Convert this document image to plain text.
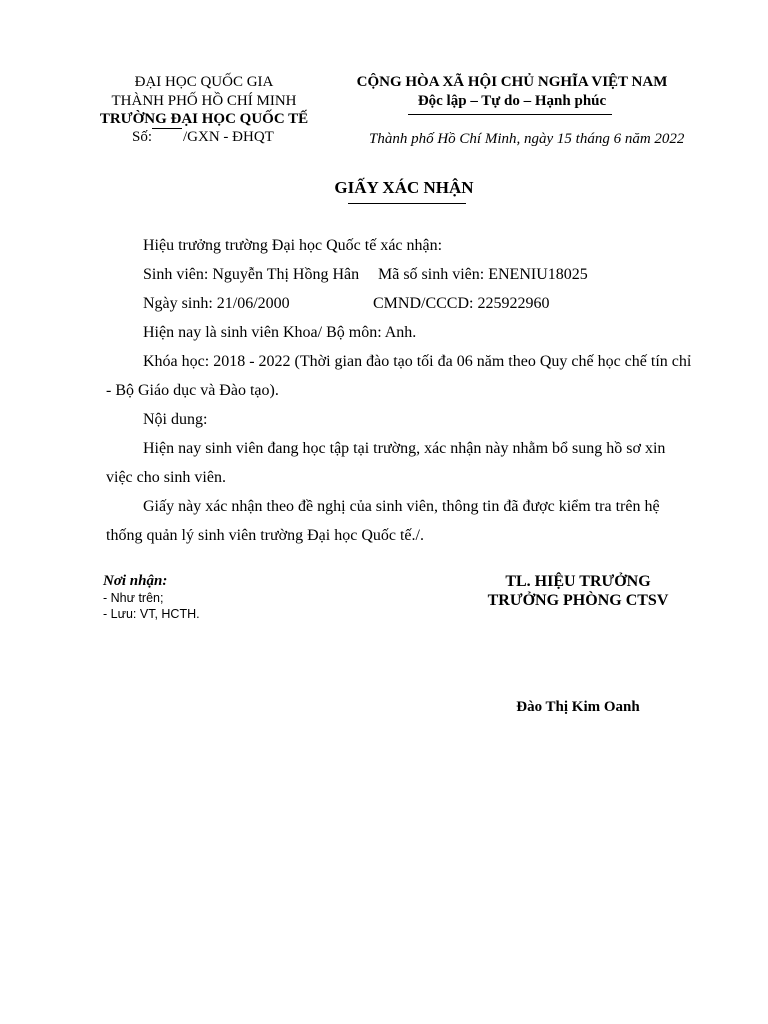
ĐẠI HỌC QUỐC GIA
THÀNH PHỐ HỒ CHÍ MINH
TRƯỜNG ĐẠI HỌC QUỐC TẾ
Số: /GXN - ĐHQT
CỘNG HÒA XÃ HỘI CHỦ NGHĨA VIỆT NAM
Độc lập – Tự do – Hạnh phúc
Thành phố Hồ Chí Minh, ngày 15 tháng 6 năm 2022
GIẤY XÁC NHẬN
Hiệu trưởng trường Đại học Quốc tế xác nhận:
Sinh viên: Nguyễn Thị Hồng Hân Mã số sinh viên: ENENIU18025
Ngày sinh: 21/06/2000	CMND/CCCD: 225922960
Hiện nay là sinh viên Khoa/ Bộ môn: Anh.
Khóa học: 2018 - 2022 (Thời gian đào tạo tối đa 06 năm theo Quy chế học chế tín chỉ
- Bộ Giáo dục và Đào tạo).
Nội dung:
Hiện nay sinh viên đang học tập tại trường, xác nhận này nhằm bổ sung hồ sơ xin
việc cho sinh viên.
Giấy này xác nhận theo đề nghị của sinh viên, thông tin đã được kiểm tra trên hệ
thống quản lý sinh viên trường Đại học Quốc tế./.
Nơi nhận:
- Như trên;
- Lưu: VT, HCTH.
TL. HIỆU TRƯỞNG
TRƯỞNG PHÒNG CTSV
Đào Thị Kim Oanh
